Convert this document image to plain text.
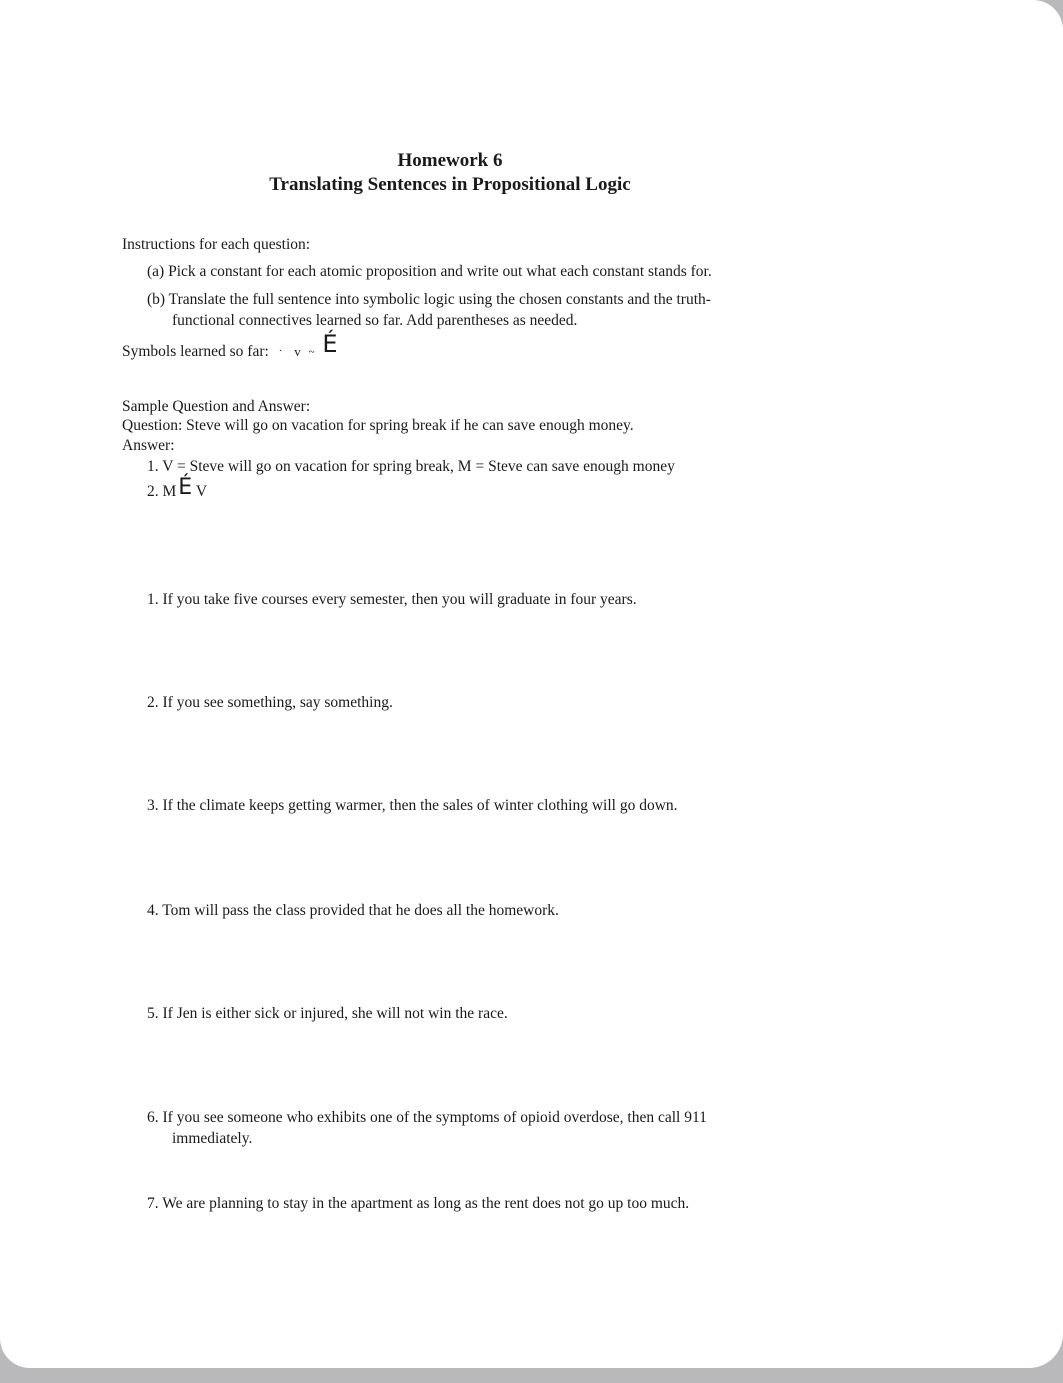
Homework 6
Translating Sentences in Propositional Logic
Instructions for each question:
(a) Pick a constant for each atomic proposition and write out what each constant stands for.
(b) Translate the full sentence into symbolic logic using the chosen constants and the truth-
functional connectives learned so far. Add parentheses as needed.
Symbols learned so far: · v ~ É
Sample Question and Answer:
Question: Steve will go on vacation for spring break if he can save enough money.
Answer:
1. V = Steve will go on vacation for spring break, M = Steve can save enough money
2. MÉ V
1. If you take five courses every semester, then you will graduate in four years.
2. If you see something, say something.
3. If the climate keeps getting warmer, then the sales of winter clothing will go down.
4. Tom will pass the class provided that he does all the homework.
5. If Jen is either sick or injured, she will not win the race.
6. If you see someone who exhibits one of the symptoms of opioid overdose, then call 911
immediately.
7. We are planning to stay in the apartment as long as the rent does not go up too much.
